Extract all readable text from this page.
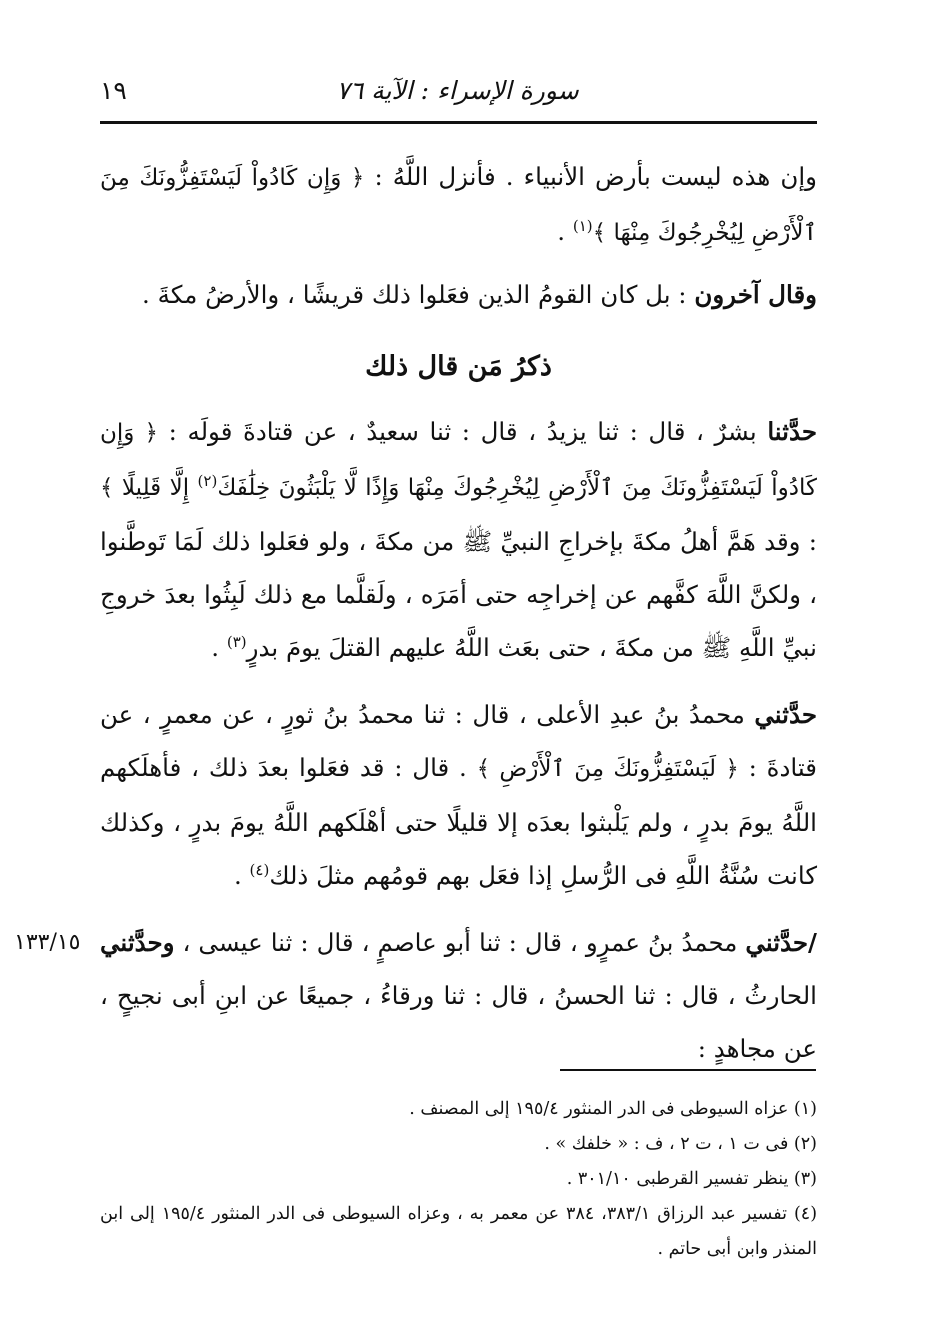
سورة الإسراء : الآية ٧٦
١٩

وإن هذه ليست بأرض الأنبياء . فأنزل اللَّهُ : ﴿ وَإِن كَادُواْ لَيَسْتَفِزُّونَكَ مِنَ ٱلْأَرْضِ لِيُخْرِجُوكَ مِنْهَا ﴾$^{(١)}$ .

وقال آخرون : بل كان القومُ الذين فعَلوا ذلك قريشًا ، والأرضُ مكةَ .

ذكرُ مَن قال ذلك

حدَّثنا بشرٌ ، قال : ثنا يزيدُ ، قال : ثنا سعيدٌ ، عن قتادةَ قولَه : ﴿ وَإِن كَادُواْ لَيَسْتَفِزُّونَكَ مِنَ ٱلْأَرْضِ لِيُخْرِجُوكَ مِنْهَا وَإِذًا لَّا يَلْبَثُونَ خِلَٰفَكَ$^{(٢)}$ إِلَّا قَلِيلًا ﴾ : وقد هَمَّ أهلُ مكةَ بإخراجِ النبيِّ ﷺ من مكةَ ، ولو فعَلوا ذلك لَمَا تَوطَّنوا ، ولكنَّ اللَّهَ كفَّهم عن إخراجِه حتى أمَرَه ، ولَقلَّما مع ذلك لَبِثُوا بعدَ خروجِ نبيِّ اللَّهِ ﷺ من مكةَ ، حتى بعَث اللَّهُ عليهم القتلَ يومَ بدرٍ$^{(٣)}$ .

حدَّثني محمدُ بنُ عبدِ الأعلى ، قال : ثنا محمدُ بنُ ثورٍ ، عن معمرٍ ، عن قتادةَ : ﴿ لَيَسْتَفِزُّونَكَ مِنَ ٱلْأَرْضِ ﴾ . قال : قد فعَلوا بعدَ ذلك ، فأهلَكهم اللَّهُ يومَ بدرٍ ، ولم يَلْبثوا بعدَه إلا قليلًا حتى أهْلَكهم اللَّهُ يومَ بدرٍ ، وكذلك كانت سُنَّةُ اللَّهِ فى الرُّسلِ إذا فعَل بهم قومُهم مثلَ ذلك$^{(٤)}$ .

/حدَّثني محمدُ بنُ عمرٍو ، قال : ثنا أبو عاصمٍ ، قال : ثنا عيسى ، وحدَّثني الحارثُ ، قال : ثنا الحسنُ ، قال : ثنا ورقاءُ ، جميعًا عن ابنِ أبى نجيحٍ ، عن مجاهدٍ :

١٣٣/١٥

(١) عزاه السيوطى فى الدر المنثور ١٩٥/٤ إلى المصنف .

(٢) فى ت ١ ، ت ٢ ، ف : « خلفك » .

(٣) ينظر تفسير القرطبى ٣٠١/١٠ .

(٤) تفسير عبد الرزاق ٣٨٣/١، ٣٨٤ عن معمر به ، وعزاه السيوطى فى الدر المنثور ١٩٥/٤ إلى ابن المنذر وابن أبى حاتم .
